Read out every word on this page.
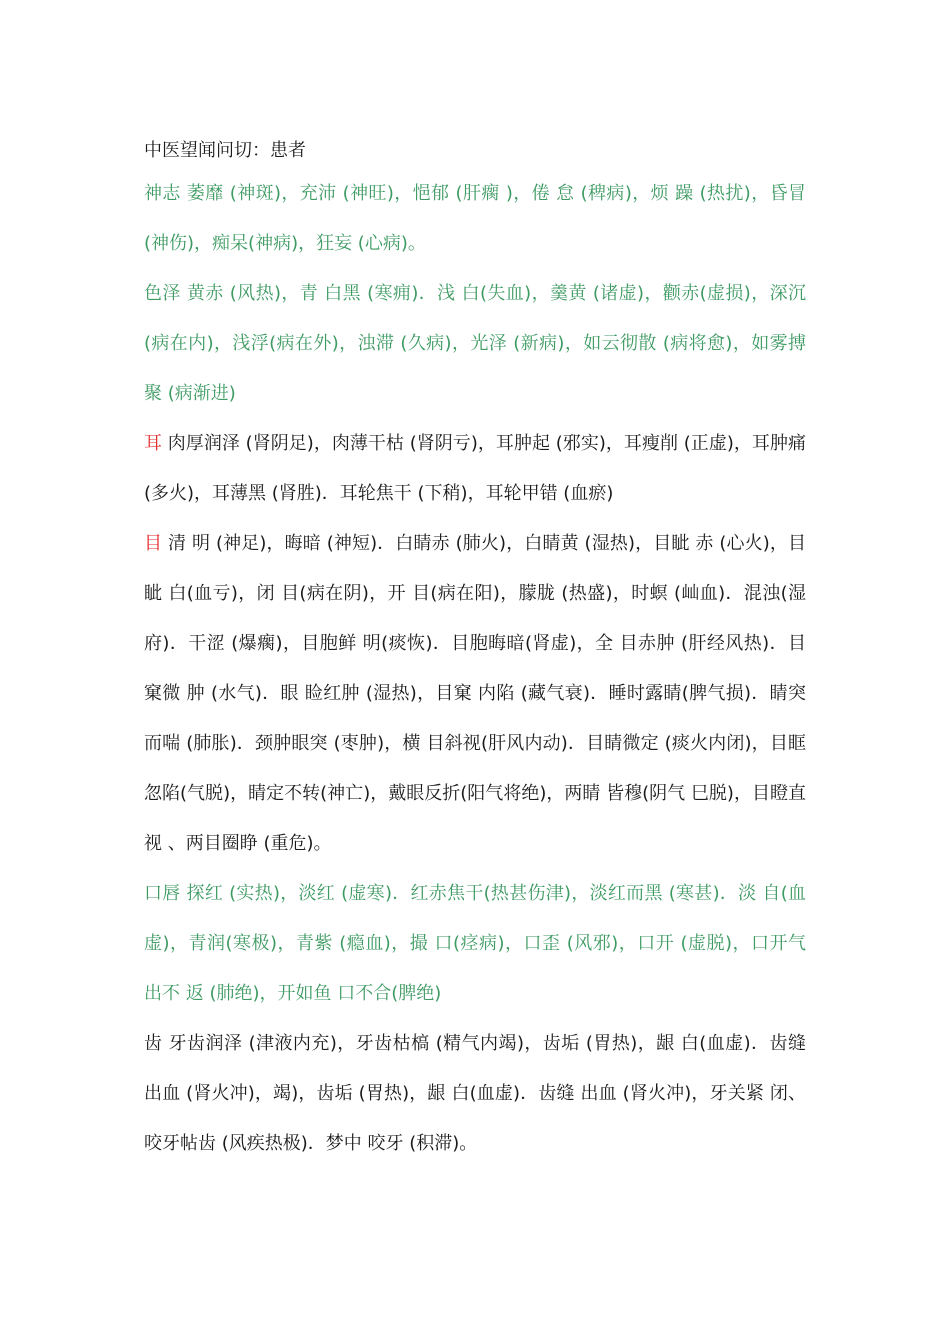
中医望闻问切：患者

神志 萎靡 (神斑)，充沛 (神旺)，悒郁 (肝瘸 )，倦 怠 (稗病)，烦 躁 (热扰)，昏冒(神伤)，痴呆(神病)，狂妄 (心病)。

色泽 黄赤 (风热)，青 白黑 (寒痈)．浅 白(失血)，羹黄 (诸虚)，颧赤(虚损)，深沉 (病在内)，浅浮(病在外)，浊滞 (久病)，光泽 (新病)，如云彻散 (病将愈)，如雾搏聚 (病渐进)

耳 肉厚润泽 (肾阴足)，肉薄干枯 (肾阴亏)，耳肿起 (邪实)，耳瘦削 (正虚)，耳肿痛 (多火)，耳薄黑 (肾胜)．耳轮焦干 (下稍)，耳轮甲错 (血瘀)

目 清 明 (神足)，晦暗 (神短)．白睛赤 (肺火)，白睛黄 (湿热)，目眦 赤 (心火)，目眦 白(血亏)，闭 目(病在阴)，开 目(病在阳)，朦胧 (热盛)，时螟 (屾血)．混浊(湿府)．干涩 (爆瘸)，目胞鲜 明(痰恢)．目胞晦暗(肾虚)，全 目赤肿 (肝经风热)．目窠微 肿 (水气)．眼 睑红肿 (湿热)，目窠 内陷 (藏气衰)．睡时露睛(脾气损)．睛突而喘 (肺胀)．颈肿眼突 (枣肿)，横 目斜视(肝风内动)．目睛微定 (痰火内闭)，目眶忽陷(气脱)，睛定不转(神亡)，戴眼反折(阳气将绝)，两睛 皆穆(阴气 巳脱)，目瞪直视 、两目圈睁 (重危)。

口唇 探红 (实热)，淡红 (虚寒)．红赤焦干(热甚伤津)，淡红而黑 (寒甚)．淡 自(血虚)，青润(寒极)，青紫 (瘾血)，撮 口(痉病)，口歪 (风邪)，口开 (虚脱)，口开气 出不 返 (肺绝)，开如鱼 口不合(脾绝)

齿 牙齿润泽 (津液内充)，牙齿枯槁 (精气内竭)，齿垢 (胃热)，龈 白(血虚)．齿缝 出血 (肾火冲)，竭)，齿垢 (胃热)，龈 白(血虚)．齿缝 出血 (肾火冲)，牙关紧 闭、咬牙帖齿 (风疾热极)．梦中 咬牙 (积滞)。
